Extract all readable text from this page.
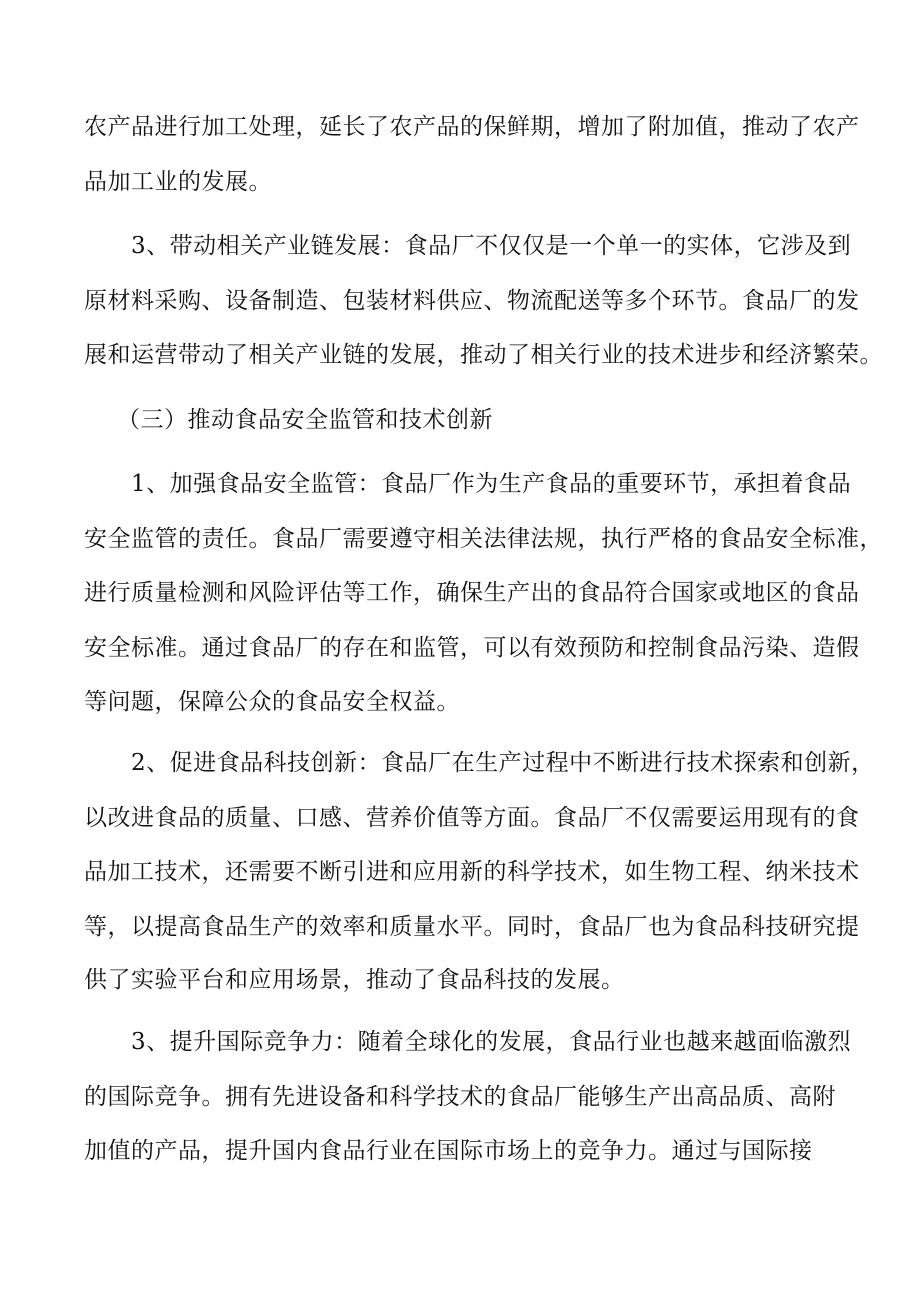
农产品进行加工处理，延长了农产品的保鲜期，增加了附加值，推动了农产
品加工业的发展。
3、带动相关产业链发展：食品厂不仅仅是一个单一的实体，它涉及到
原材料采购、设备制造、包装材料供应、物流配送等多个环节。食品厂的发
展和运营带动了相关产业链的发展，推动了相关行业的技术进步和经济繁荣。
（三）推动食品安全监管和技术创新
1、加强食品安全监管：食品厂作为生产食品的重要环节，承担着食品
安全监管的责任。食品厂需要遵守相关法律法规，执行严格的食品安全标准，
进行质量检测和风险评估等工作，确保生产出的食品符合国家或地区的食品
安全标准。通过食品厂的存在和监管，可以有效预防和控制食品污染、造假
等问题，保障公众的食品安全权益。
2、促进食品科技创新：食品厂在生产过程中不断进行技术探索和创新，
以改进食品的质量、口感、营养价值等方面。食品厂不仅需要运用现有的食
品加工技术，还需要不断引进和应用新的科学技术，如生物工程、纳米技术
等，以提高食品生产的效率和质量水平。同时，食品厂也为食品科技研究提
供了实验平台和应用场景，推动了食品科技的发展。
3、提升国际竞争力：随着全球化的发展，食品行业也越来越面临激烈
的国际竞争。拥有先进设备和科学技术的食品厂能够生产出高品质、高附
加值的产品，提升国内食品行业在国际市场上的竞争力。通过与国际接
